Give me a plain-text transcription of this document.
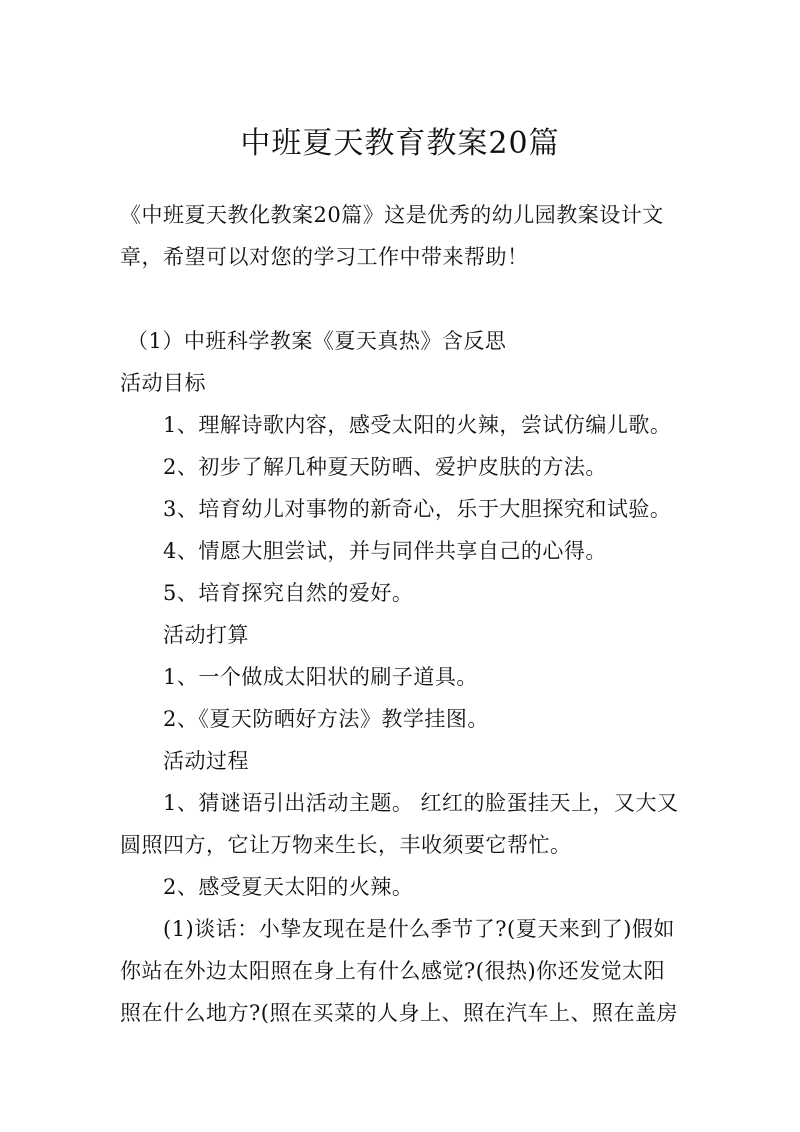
中班夏天教育教案20篇
《中班夏天教化教案20篇》这是优秀的幼儿园教案设计文
章，希望可以对您的学习工作中带来帮助！
（1）中班科学教案《夏天真热》含反思
活动目标
1、理解诗歌内容，感受太阳的火辣，尝试仿编儿歌。
2、初步了解几种夏天防晒、爱护皮肤的方法。
3、培育幼儿对事物的新奇心，乐于大胆探究和试验。
4、情愿大胆尝试，并与同伴共享自己的心得。
5、培育探究自然的爱好。
活动打算
1、一个做成太阳状的刷子道具。
2、《夏天防晒好方法》教学挂图。
活动过程
1、猜谜语引出活动主题。 红红的脸蛋挂天上，又大又
圆照四方，它让万物来生长，丰收须要它帮忙。
2、感受夏天太阳的火辣。
(1)谈话：小挚友现在是什么季节了?(夏天来到了)假如
你站在外边太阳照在身上有什么感觉?(很热)你还发觉太阳
照在什么地方?(照在买菜的人身上、照在汽车上、照在盖房
